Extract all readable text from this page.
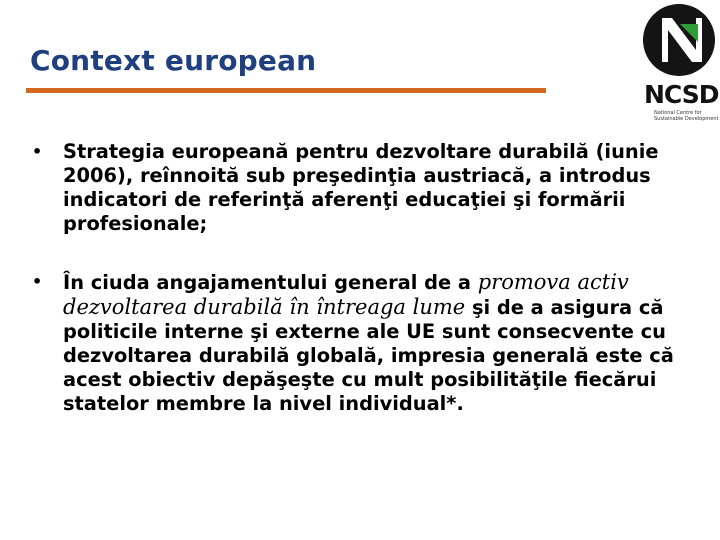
Context european
NCSD
National Centre for Sustainable Development
• Strategia europeană pentru dezvoltare durabilă (iunie 2006), reînnoită sub preşedinţia austriacă, a introdus indicatori de referinţă aferenţi educaţiei şi formării profesionale;
• În ciuda angajamentului general de a promova activ dezvoltarea durabilă în întreaga lume şi de a asigura că politicile interne şi externe ale UE sunt consecvente cu dezvoltarea durabilă globală, impresia generală este că acest obiectiv depăşeşte cu mult posibilităţile fiecărui statelor membre la nivel individual*.
